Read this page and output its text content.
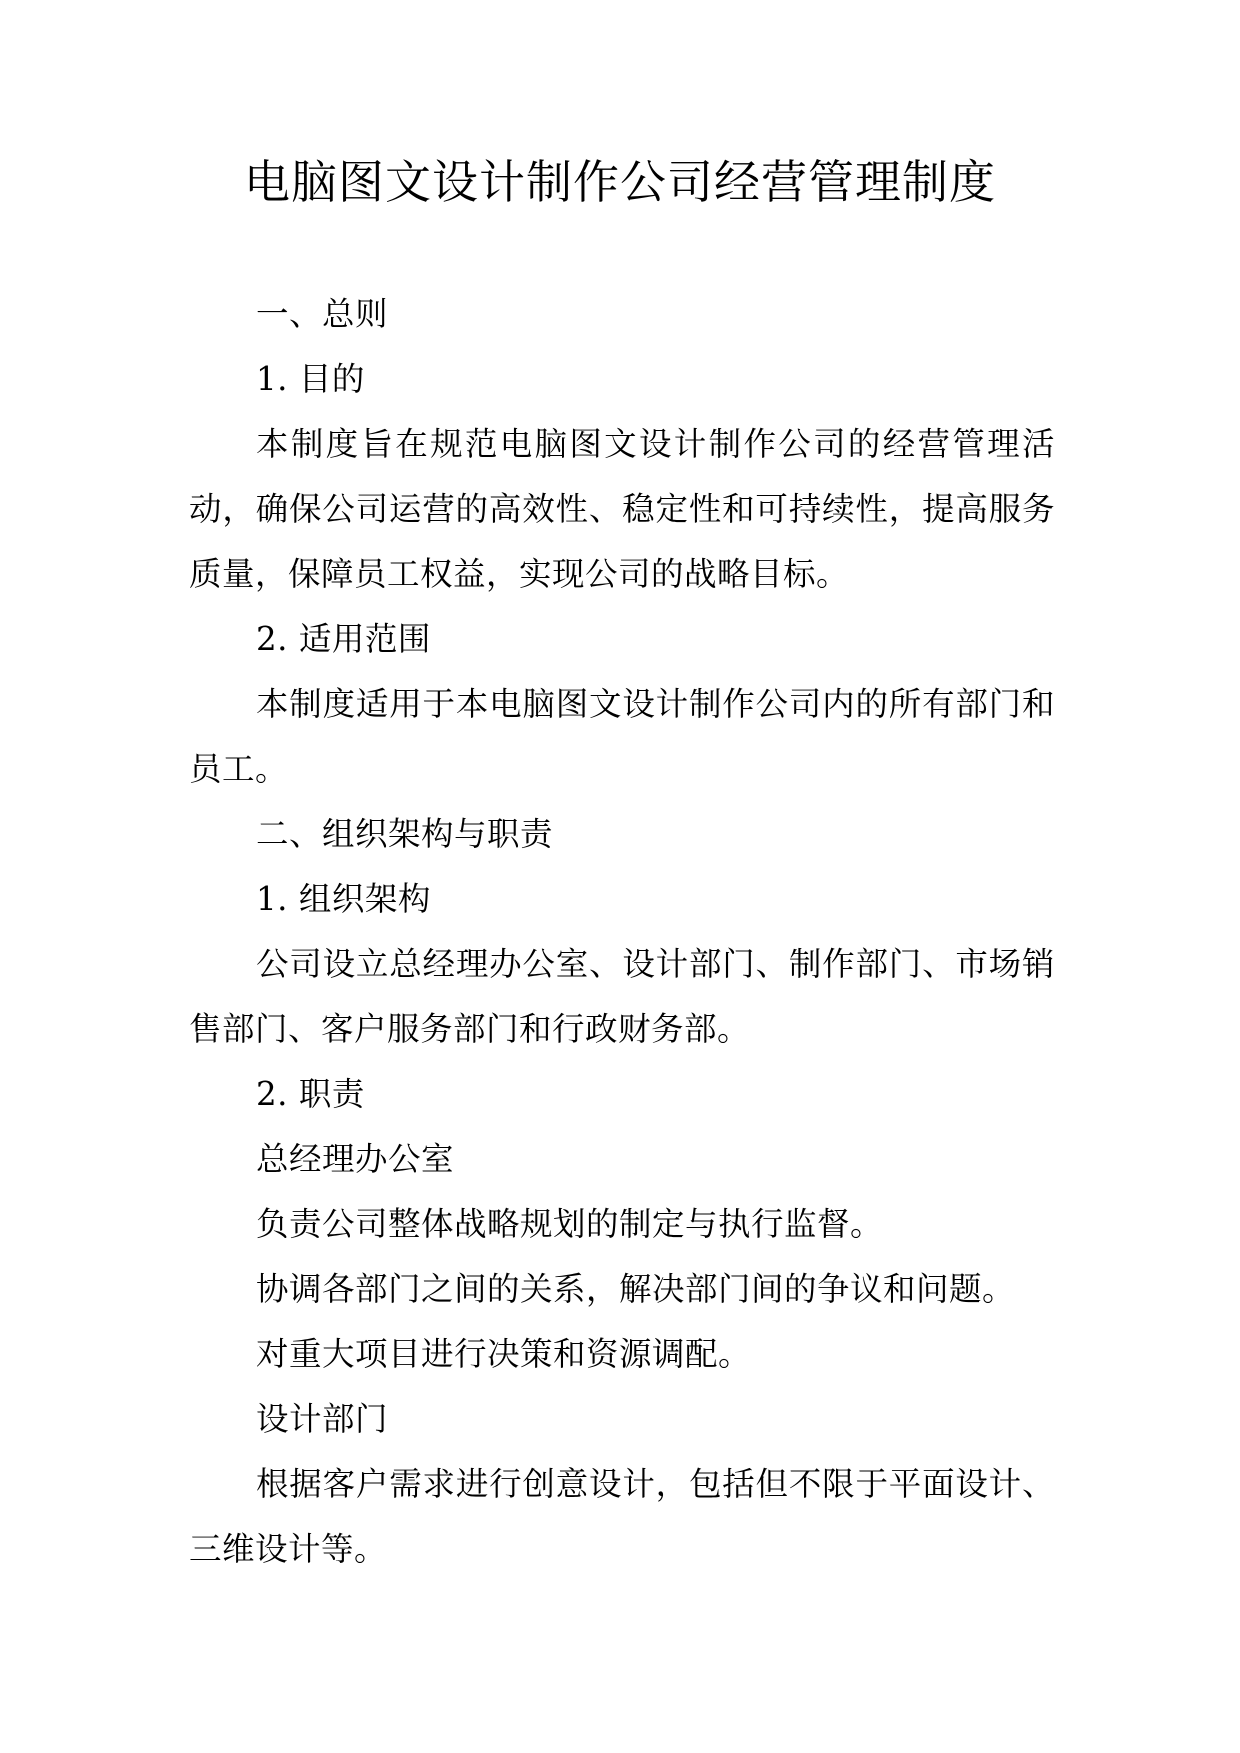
电脑图文设计制作公司经营管理制度

一、总则

1. 目的

本制度旨在规范电脑图文设计制作公司的经营管理活动，确保公司运营的高效性、稳定性和可持续性，提高服务质量，保障员工权益，实现公司的战略目标。

2. 适用范围

本制度适用于本电脑图文设计制作公司内的所有部门和员工。

二、组织架构与职责

1. 组织架构

公司设立总经理办公室、设计部门、制作部门、市场销售部门、客户服务部门和行政财务部。

2. 职责

总经理办公室

负责公司整体战略规划的制定与执行监督。

协调各部门之间的关系，解决部门间的争议和问题。

对重大项目进行决策和资源调配。

设计部门

根据客户需求进行创意设计，包括但不限于平面设计、三维设计等。
